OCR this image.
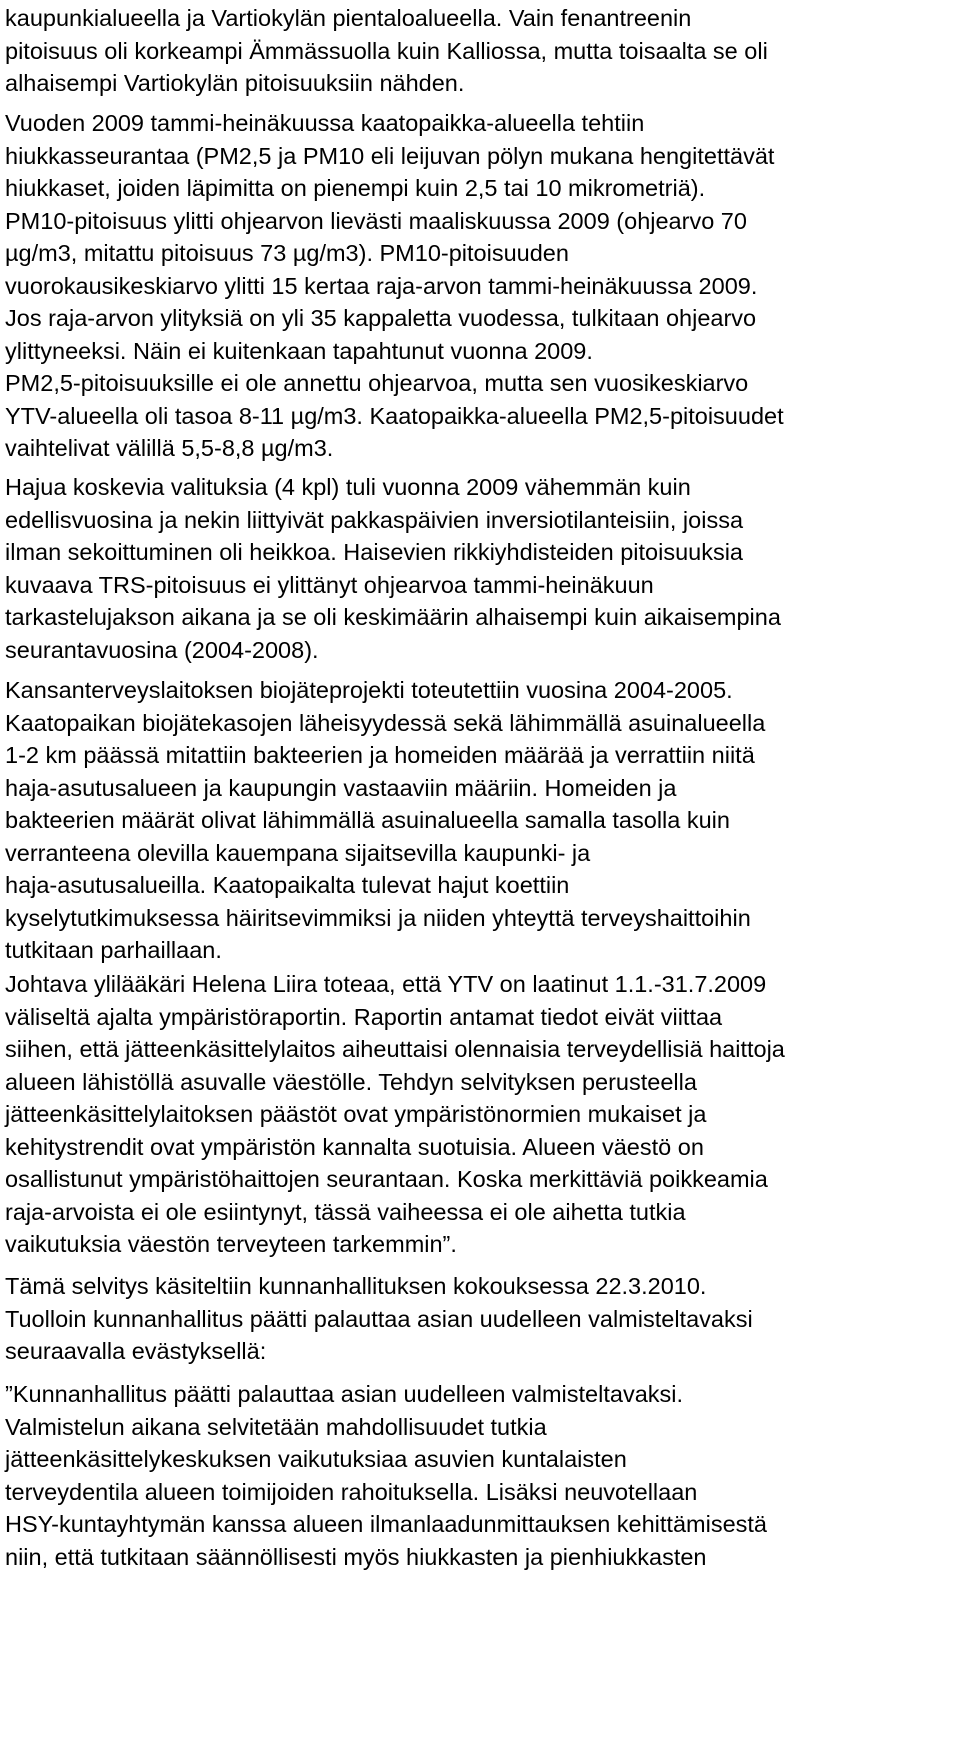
kaupunkialueella ja Vartiokylän pientaloalueella. Vain fenantreenin
pitoisuus oli korkeampi Ämmässuolla kuin Kalliossa, mutta toisaalta se oli
alhaisempi Vartiokylän pitoisuuksiin nähden.
Vuoden 2009 tammi-heinäkuussa kaatopaikka-alueella tehtiin
hiukkasseurantaa (PM2,5 ja PM10 eli leijuvan pölyn mukana hengitettävät
hiukkaset, joiden läpimitta on pienempi kuin 2,5 tai 10 mikrometriä).
PM10-pitoisuus ylitti ohjearvon lievästi maaliskuussa 2009 (ohjearvo 70
µg/m3, mitattu pitoisuus 73 µg/m3). PM10-pitoisuuden
vuorokausikeskiarvo ylitti 15 kertaa raja-arvon tammi-heinäkuussa 2009.
Jos raja-arvon ylityksiä on yli 35 kappaletta vuodessa, tulkitaan ohjearvo
ylittyneeksi. Näin ei kuitenkaan tapahtunut vuonna 2009.
PM2,5-pitoisuuksille ei ole annettu ohjearvoa, mutta sen vuosikeskiarvo
YTV-alueella oli tasoa 8-11 µg/m3. Kaatopaikka-alueella PM2,5-pitoisuudet
vaihtelivat välillä 5,5-8,8 µg/m3.
Hajua koskevia valituksia (4 kpl) tuli vuonna 2009 vähemmän kuin
edellisvuosina ja nekin liittyivät pakkaspäivien inversiotilanteisiin, joissa
ilman sekoittuminen oli heikkoa. Haisevien rikkiyhdisteiden pitoisuuksia
kuvaava TRS-pitoisuus ei ylittänyt ohjearvoa tammi-heinäkuun
tarkastelujakson aikana ja se oli keskimäärin alhaisempi kuin aikaisempina
seurantavuosina (2004-2008).
Kansanterveyslaitoksen biojäteprojekti toteutettiin vuosina 2004-2005.
Kaatopaikan biojätekasojen läheisyydessä sekä lähimmällä asuinalueella
1-2 km päässä mitattiin bakteerien ja homeiden määrää ja verrattiin niitä
haja-asutusalueen ja kaupungin vastaaviin määriin. Homeiden ja
bakteerien määrät olivat lähimmällä asuinalueella samalla tasolla kuin
verranteena olevilla kauempana sijaitsevilla kaupunki- ja
haja-asutusalueilla. Kaatopaikalta tulevat hajut koettiin
kyselytutkimuksessa häiritsevimmiksi ja niiden yhteyttä terveyshaittoihin
tutkitaan parhaillaan.
Johtava ylilääkäri Helena Liira toteaa, että YTV on laatinut 1.1.-31.7.2009
väliseltä ajalta ympäristöraportin. Raportin antamat tiedot eivät viittaa
siihen, että jätteenkäsittelylaitos aiheuttaisi olennaisia terveydellisiä haittoja
alueen lähistöllä asuvalle väestölle. Tehdyn selvityksen perusteella
jätteenkäsittelylaitoksen päästöt ovat ympäristönormien mukaiset ja
kehitystrendit ovat ympäristön kannalta suotuisia. Alueen väestö on
osallistunut ympäristöhaittojen seurantaan. Koska merkittäviä poikkeamia
raja-arvoista ei ole esiintynyt, tässä vaiheessa ei ole aihetta tutkia
vaikutuksia väestön terveyteen tarkemmin”.
Tämä selvitys käsiteltiin kunnanhallituksen kokouksessa 22.3.2010.
Tuolloin kunnanhallitus päätti palauttaa asian uudelleen valmisteltavaksi
seuraavalla evästyksellä:
”Kunnanhallitus päätti palauttaa asian uudelleen valmisteltavaksi.
Valmistelun aikana selvitetään mahdollisuudet tutkia
jätteenkäsittelykeskuksen vaikutuksiaa asuvien kuntalaisten
terveydentila alueen toimijoiden rahoituksella. Lisäksi neuvotellaan
HSY-kuntayhtymän kanssa alueen ilmanlaadunmittauksen kehittämisestä
niin, että tutkitaan säännöllisesti myös hiukkasten ja pienhiukkasten
